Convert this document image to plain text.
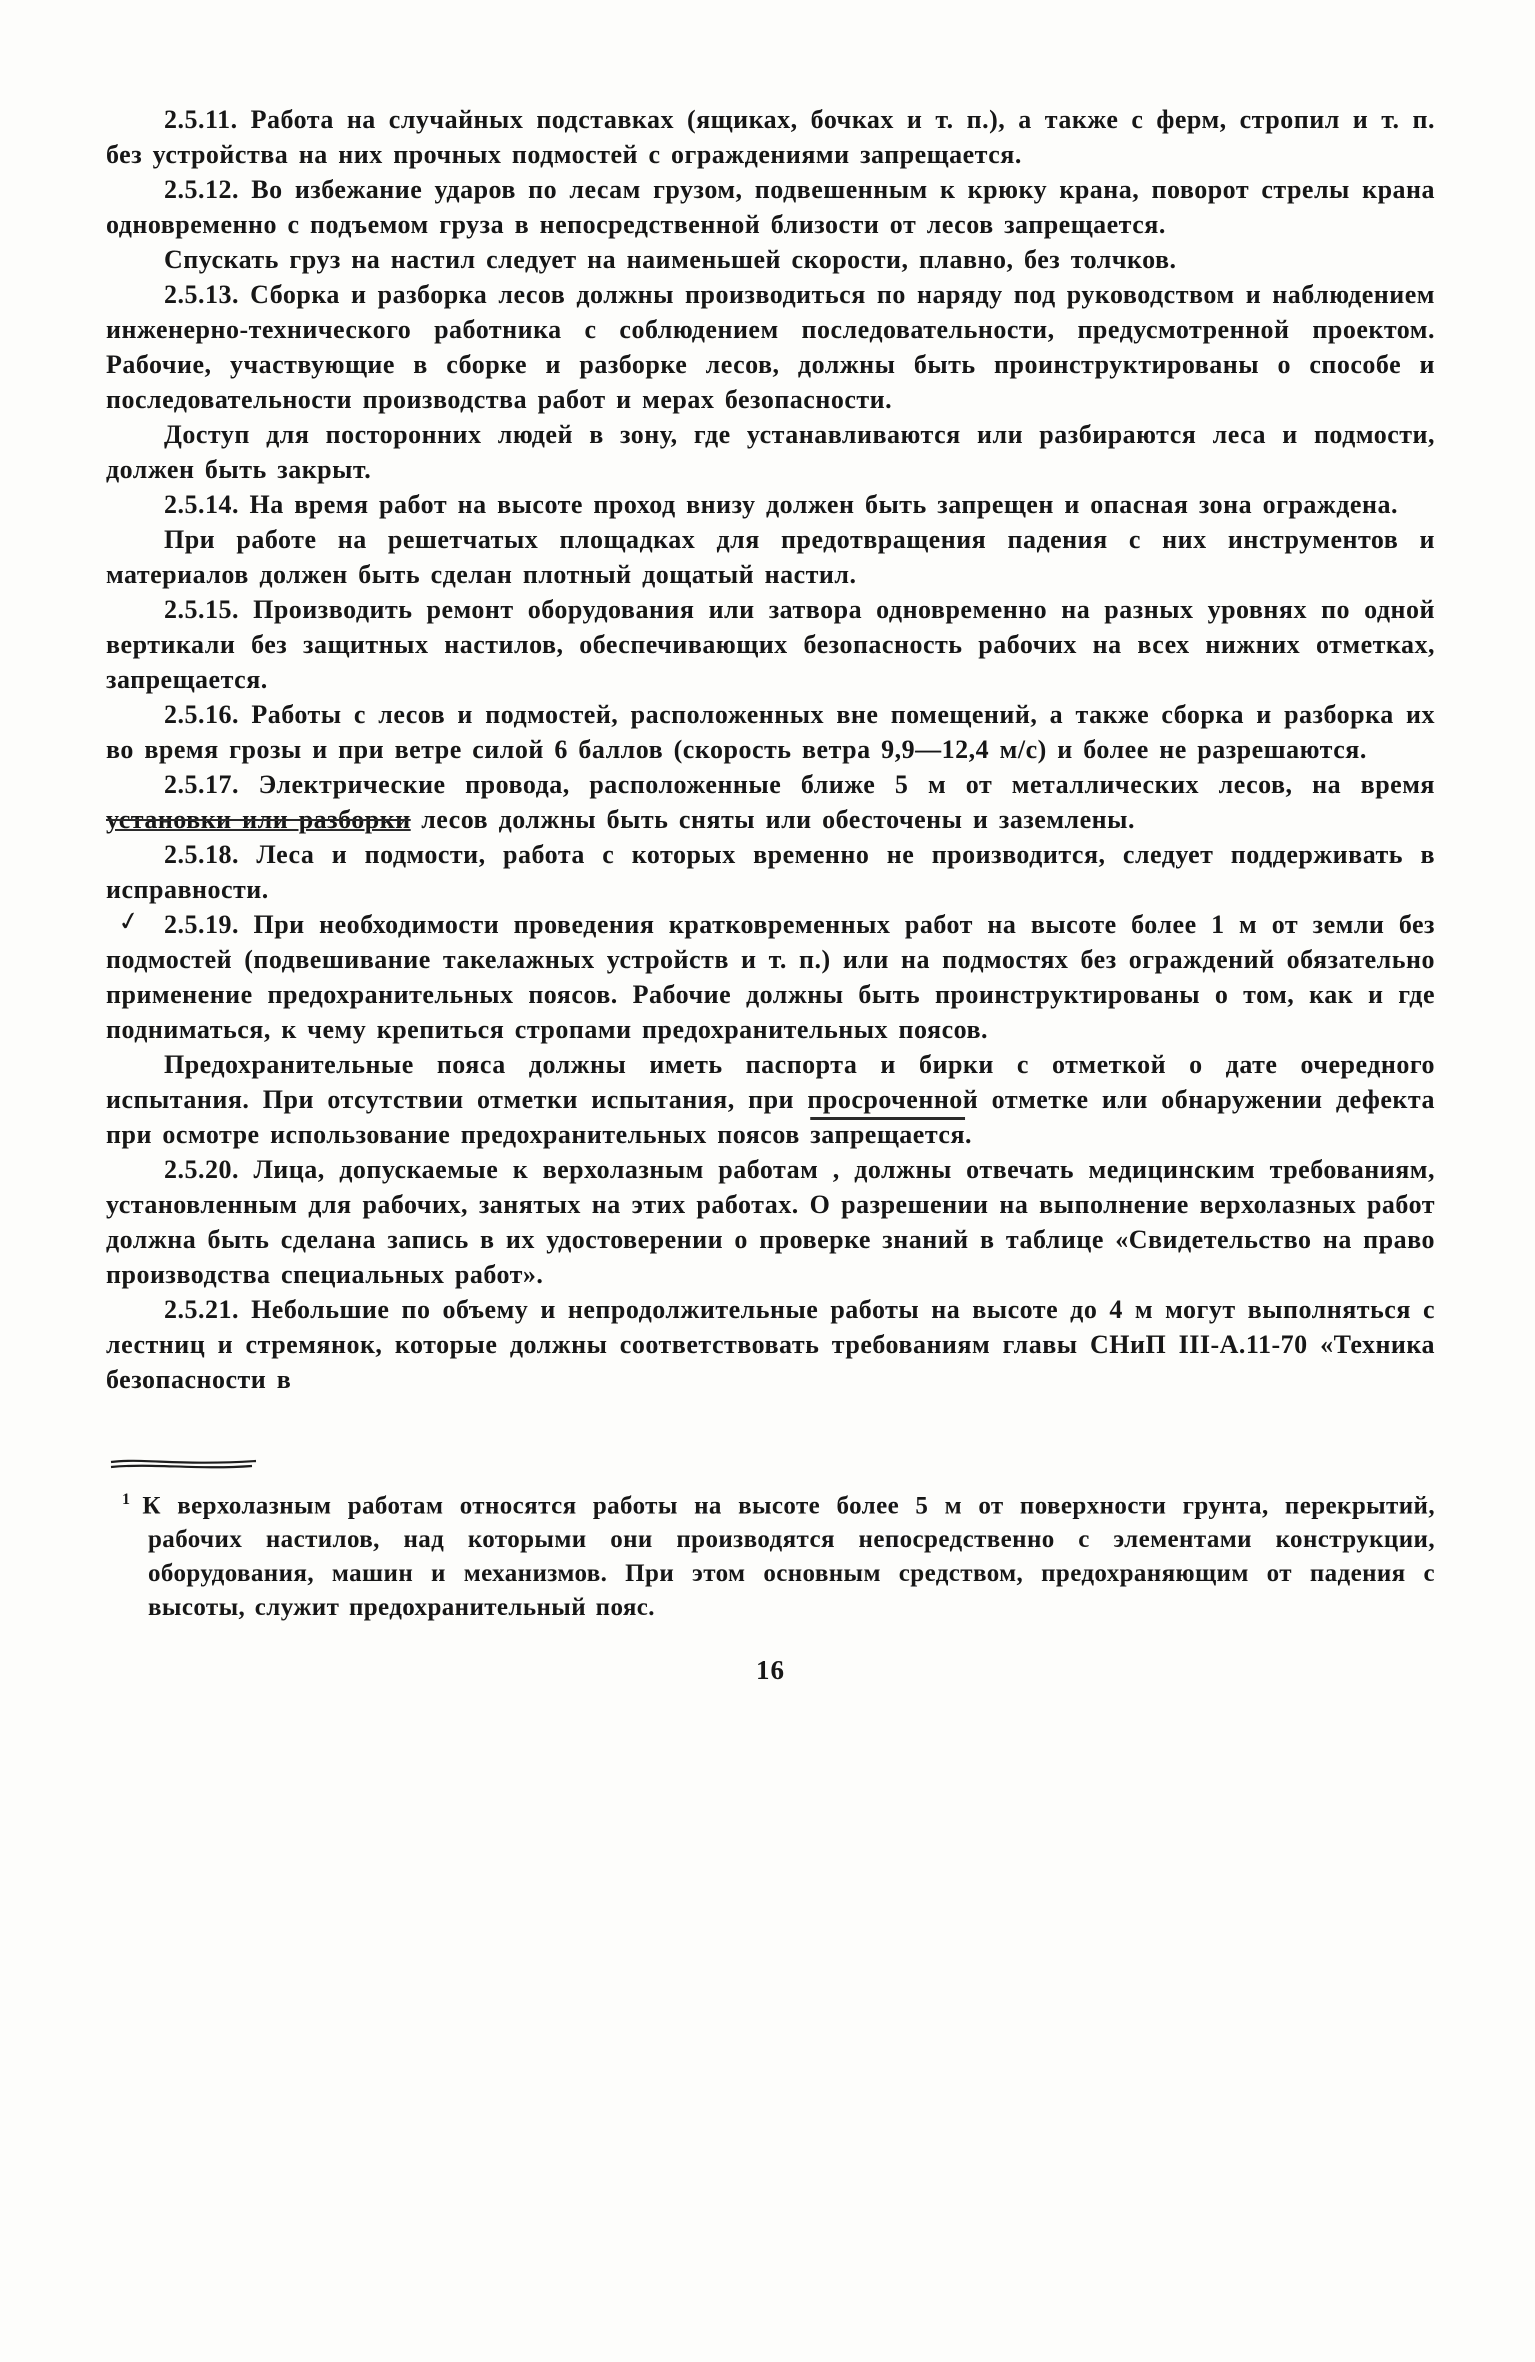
2.5.11. Работа на случайных подставках (ящиках, бочках и т. п.), а также с ферм, стропил и т. п. без устройства на них прочных подмостей с ограждениями запрещается.

2.5.12. Во избежание ударов по лесам грузом, подвешенным к крюку крана, поворот стрелы крана одновременно с подъемом груза в непосредственной близости от лесов запрещается.

Спускать груз на настил следует на наименьшей скорости, плавно, без толчков.

2.5.13. Сборка и разборка лесов должны производиться по наряду под руководством и наблюдением инженерно-технического работника с соблюдением последовательности, предусмотренной проектом. Рабочие, участвующие в сборке и разборке лесов, должны быть проинструктированы о способе и последовательности производства работ и мерах безопасности.

Доступ для посторонних людей в зону, где устанавливаются или разбираются леса и подмости, должен быть закрыт.

2.5.14. На время работ на высоте проход внизу должен быть запрещен и опасная зона ограждена.

При работе на решетчатых площадках для предотвращения падения с них инструментов и материалов должен быть сделан плотный дощатый настил.

2.5.15. Производить ремонт оборудования или затвора одновременно на разных уровнях по одной вертикали без защитных настилов, обеспечивающих безопасность рабочих на всех нижних отметках, запрещается.

2.5.16. Работы с лесов и подмостей, расположенных вне помещений, а также сборка и разборка их во время грозы и при ветре силой 6 баллов (скорость ветра 9,9—12,4 м/с) и более не разрешаются.

2.5.17. Электрические провода, расположенные ближе 5 м от металлических лесов, на время установки или разборки лесов должны быть сняты или обесточены и заземлены.

2.5.18. Леса и подмости, работа с которых временно не производится, следует поддерживать в исправности.

✓ 2.5.19. При необходимости проведения кратковременных работ на высоте более 1 м от земли без подмостей (подвешивание такелажных устройств и т. п.) или на подмостях без ограждений обязательно применение предохранительных поясов. Рабочие должны быть проинструктированы о том, как и где подниматься, к чему крепиться стропами предохранительных поясов.

Предохранительные пояса должны иметь паспорта и бирки с отметкой о дате очередного испытания. При отсутствии отметки испытания, при просроченной отметке или обнаружении дефекта при осмотре использование предохранительных поясов запрещается.

2.5.20. Лица, допускаемые к верхолазным работам , должны отвечать медицинским требованиям, установленным для рабочих, занятых на этих работах. О разрешении на выполнение верхолазных работ должна быть сделана запись в их удостоверении о проверке знаний в таблице «Свидетельство на право производства специальных работ».

2.5.21. Небольшие по объему и непродолжительные работы на высоте до 4 м могут выполняться с лестниц и стремянок, которые должны соответствовать требованиям главы СНиП III-А.11-70 «Техника безопасности в

$^1$ К верхолазным работам относятся работы на высоте более 5 м от поверхности грунта, перекрытий, рабочих настилов, над которыми они производятся непосредственно с элементами конструкции, оборудования, машин и механизмов. При этом основным средством, предохраняющим от падения с высоты, служит предохранительный пояс.

16
